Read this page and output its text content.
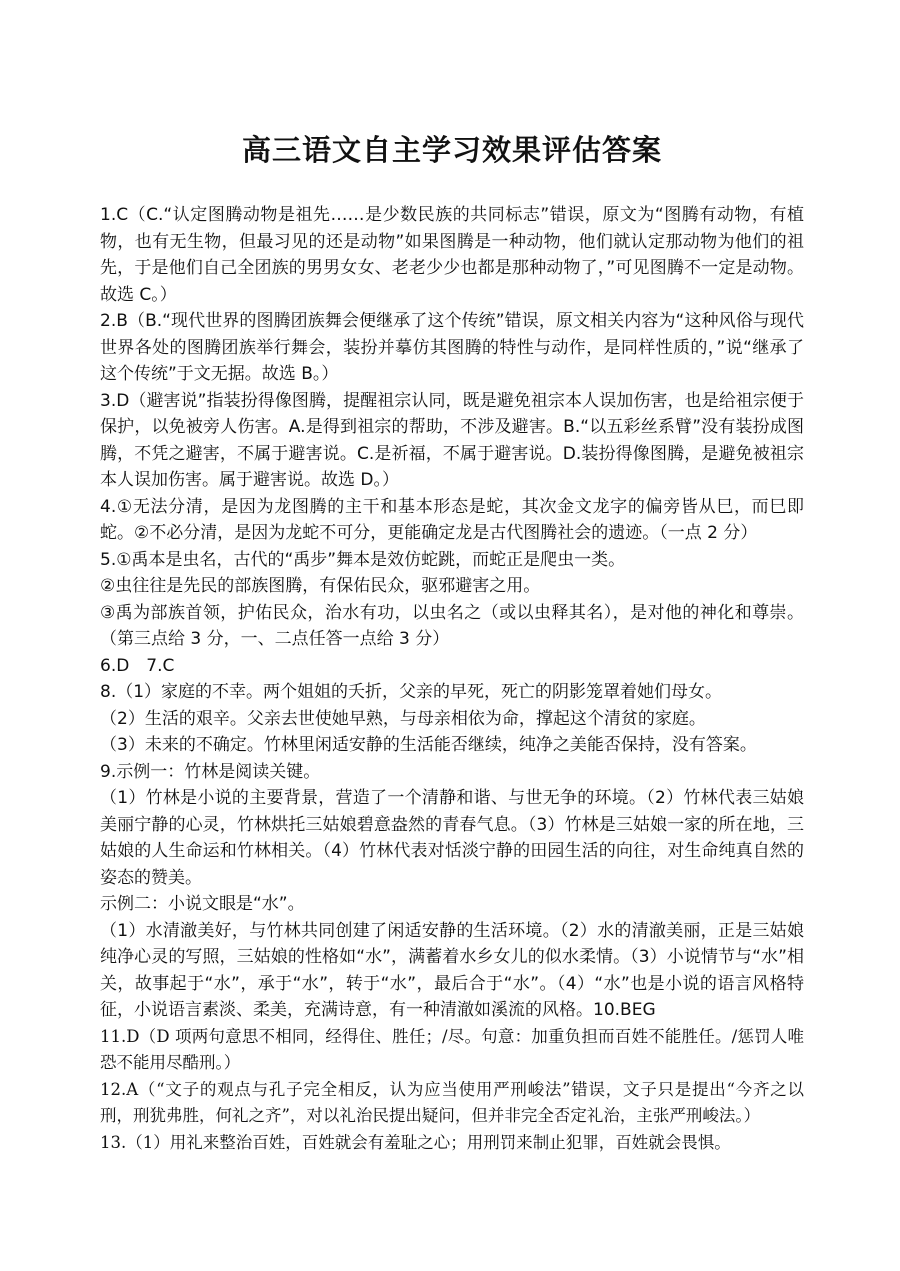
高三语文自主学习效果评估答案

1.C（C.“认定图腾动物是祖先……是少数民族的共同标志”错误，原文为“图腾有动物，有植物，也有无生物，但最习见的还是动物”如果图腾是一种动物，他们就认定那动物为他们的祖先，于是他们自己全团族的男男女女、老老少少也都是那种动物了，”可见图腾不一定是动物。故选 C。）

2.B（B.“现代世界的图腾团族舞会便继承了这个传统”错误，原文相关内容为“这种风俗与现代世界各处的图腾团族举行舞会，装扮并摹仿其图腾的特性与动作，是同样性质的，”说“继承了这个传统”于文无据。故选 B。）

3.D（避害说”指装扮得像图腾，提醒祖宗认同，既是避免祖宗本人误加伤害，也是给祖宗便于保护，以免被旁人伤害。A.是得到祖宗的帮助，不涉及避害。B.“以五彩丝系臂”没有装扮成图腾，不凭之避害，不属于避害说。C.是祈福，不属于避害说。D.装扮得像图腾，是避免被祖宗本人误加伤害。属于避害说。故选 D。）

4.①无法分清，是因为龙图腾的主干和基本形态是蛇，其次金文龙字的偏旁皆从巳，而巳即蛇。②不必分清，是因为龙蛇不可分，更能确定龙是古代图腾社会的遗迹。（一点 2 分）

5.①禹本是虫名，古代的“禹步”舞本是效仿蛇跳，而蛇正是爬虫一类。

②虫往往是先民的部族图腾，有保佑民众，驱邪避害之用。

③禹为部族首领，护佑民众，治水有功，以虫名之（或以虫释其名），是对他的神化和尊崇。（第三点给 3 分，一、二点任答一点给 3 分）

6.D　7.C

8.（1）家庭的不幸。两个姐姐的夭折，父亲的早死，死亡的阴影笼罩着她们母女。

（2）生活的艰辛。父亲去世使她早熟，与母亲相依为命，撑起这个清贫的家庭。

（3）未来的不确定。竹林里闲适安静的生活能否继续，纯净之美能否保持，没有答案。

9.示例一：竹林是阅读关键。

（1）竹林是小说的主要背景，营造了一个清静和谐、与世无争的环境。（2）竹林代表三姑娘美丽宁静的心灵，竹林烘托三姑娘碧意盎然的青春气息。（3）竹林是三姑娘一家的所在地，三姑娘的人生命运和竹林相关。（4）竹林代表对恬淡宁静的田园生活的向往，对生命纯真自然的姿态的赞美。

示例二：小说文眼是“水”。

（1）水清澈美好，与竹林共同创建了闲适安静的生活环境。（2）水的清澈美丽，正是三姑娘纯净心灵的写照，三姑娘的性格如“水”，满蓄着水乡女儿的似水柔情。（3）小说情节与“水”相关，故事起于“水”，承于“水”，转于“水”，最后合于“水”。（4）“水”也是小说的语言风格特征，小说语言素淡、柔美，充满诗意，有一种清澈如溪流的风格。10.BEG

11.D（D 项两句意思不相同，经得住、胜任；/尽。句意：加重负担而百姓不能胜任。/惩罚人唯恐不能用尽酷刑。）

12.A（“文子的观点与孔子完全相反，认为应当使用严刑峻法”错误，文子只是提出“今齐之以刑，刑犹弗胜，何礼之齐”，对以礼治民提出疑问，但并非完全否定礼治，主张严刑峻法。）

13.（1）用礼来整治百姓，百姓就会有羞耻之心；用刑罚来制止犯罪，百姓就会畏惧。
